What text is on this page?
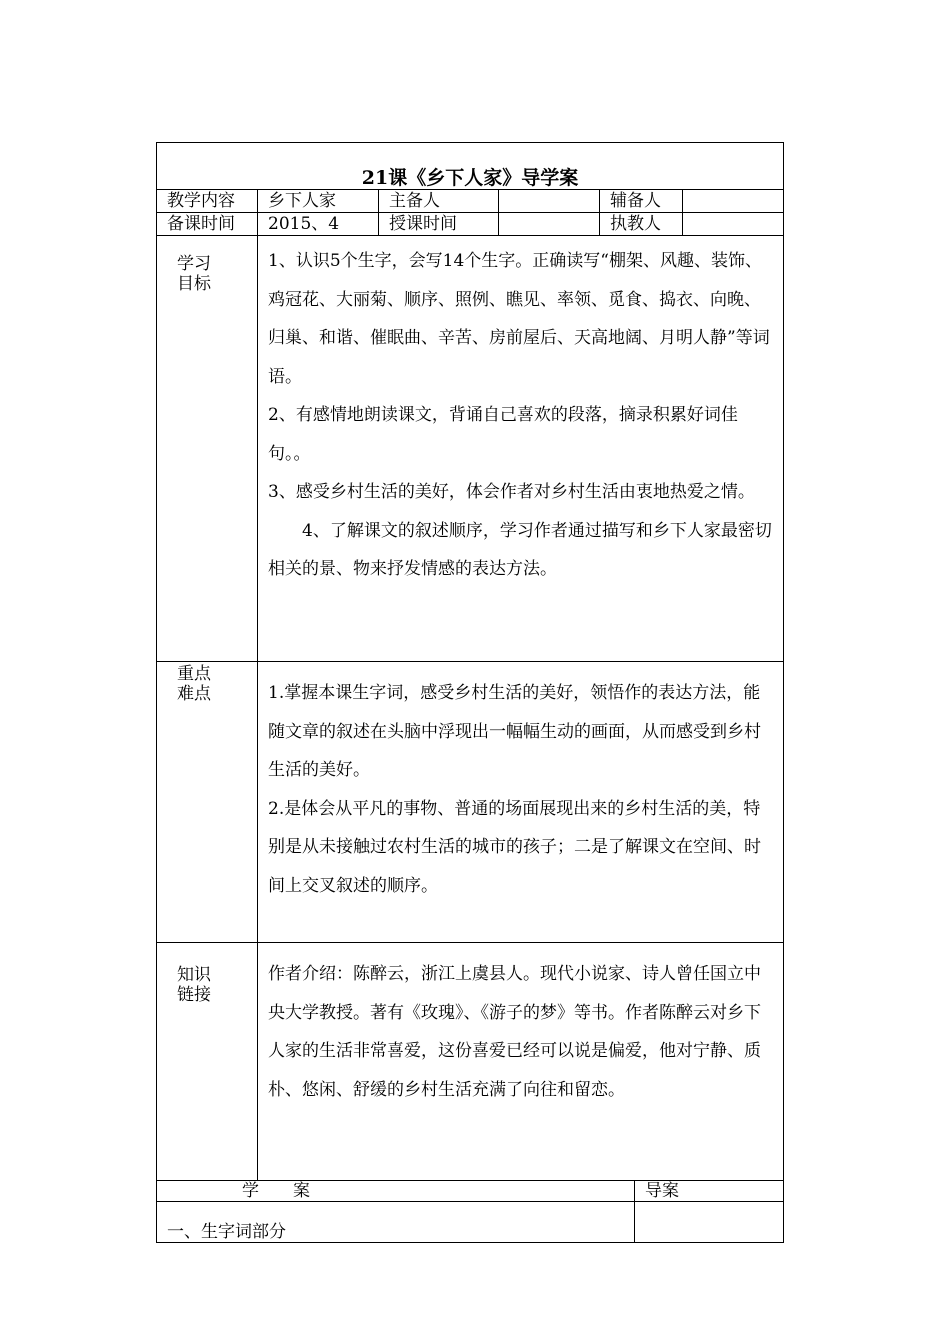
21课《乡下人家》导学案						
教学内容	乡下人家	主备人		辅备人		
备课时间	2015、4	授课时间		执教人		

学习目标	1、认识5个生字，会写14个生字。正确读写“棚架、风趣、装饰、鸡冠花、大丽菊、顺序、照例、瞧见、率领、觅食、捣衣、向晚、归巢、和谐、催眠曲、辛苦、房前屋后、天高地阔、月明人静”等词语。

2、有感情地朗读课文，背诵自己喜欢的段落，摘录积累好词佳句。。

3、感受乡村生活的美好，体会作者对乡村生活由衷地热爱之情。

4、了解课文的叙述顺序，学习作者通过描写和乡下人家最密切相关的景、物来抒发情感的表达方法。					

重点难点	1.掌握本课生字词，感受乡村生活的美好，领悟作的表达方法，能随文章的叙述在头脑中浮现出一幅幅生动的画面，从而感受到乡村生活的美好。

2.是体会从平凡的事物、普通的场面展现出来的乡村生活的美，特别是从未接触过农村生活的城市的孩子；二是了解课文在空间、时间上交叉叙述的顺序。					

知识链接	作者介绍：陈醉云，浙江上虞县人。现代小说家、诗人曾任国立中央大学教授。著有《玫瑰》、《游子的梦》等书。作者陈醉云对乡下人家的生活非常喜爱，这份喜爱已经可以说是偏爱，他对宁静、质朴、悠闲、舒缓的乡村生活充满了向往和留恋。					

学　　案					导案	
一、生字词部分						
